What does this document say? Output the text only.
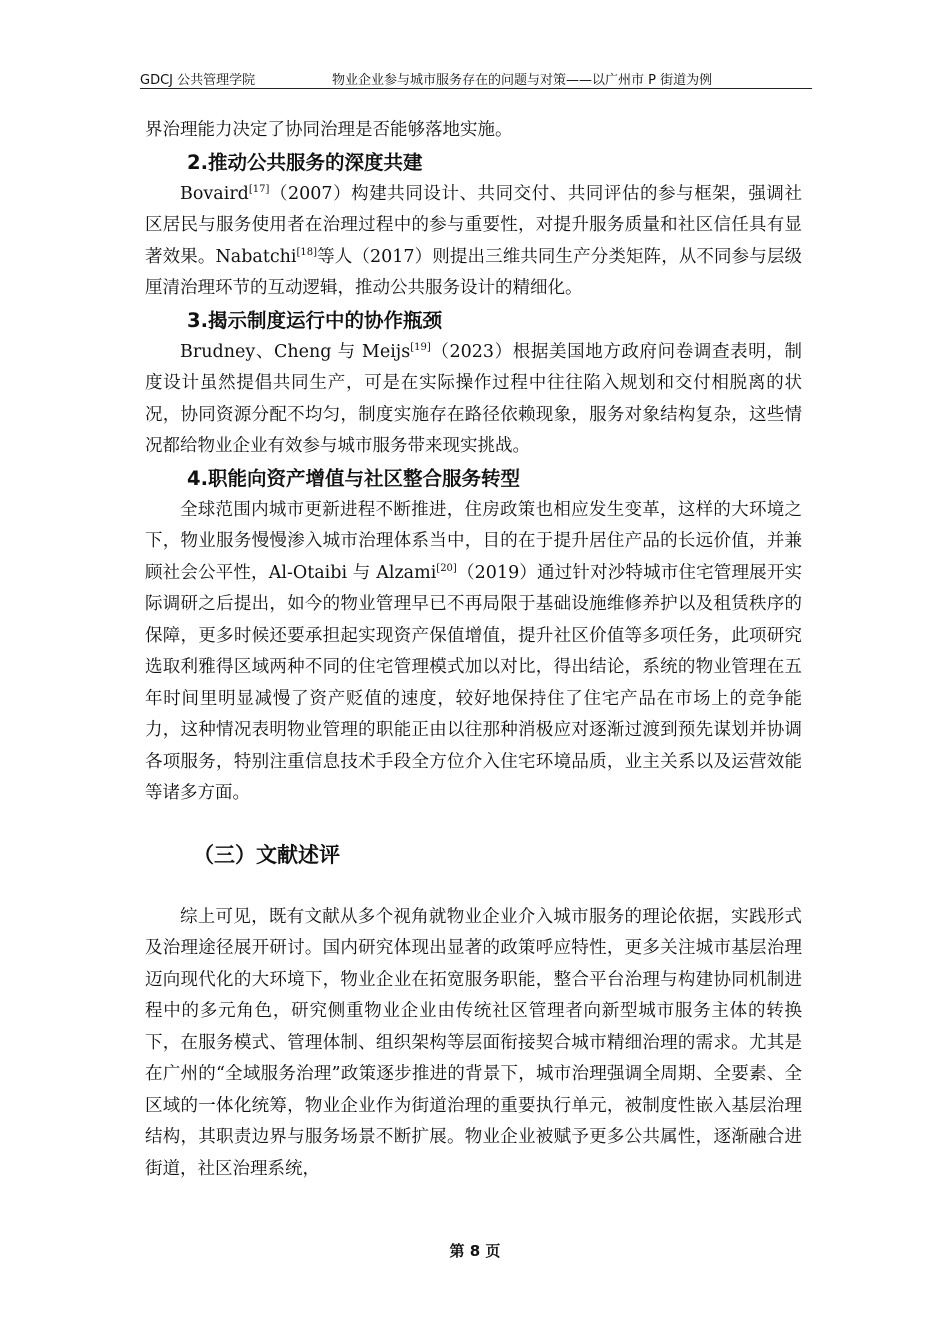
GDCJ 公共管理学院	物业企业参与城市服务存在的问题与对策——以广州市 P 街道为例

界治理能力决定了协同治理是否能够落地实施。

2.推动公共服务的深度共建

Bovaird[17]（2007）构建共同设计、共同交付、共同评估的参与框架，强调社区居民与服务使用者在治理过程中的参与重要性，对提升服务质量和社区信任具有显著效果。Nabatchi[18]等人（2017）则提出三维共同生产分类矩阵，从不同参与层级厘清治理环节的互动逻辑，推动公共服务设计的精细化。

3.揭示制度运行中的协作瓶颈

Brudney、Cheng 与 Meijs[19]（2023）根据美国地方政府问卷调查表明，制度设计虽然提倡共同生产，可是在实际操作过程中往往陷入规划和交付相脱离的状况，协同资源分配不均匀，制度实施存在路径依赖现象，服务对象结构复杂，这些情况都给物业企业有效参与城市服务带来现实挑战。

4.职能向资产增值与社区整合服务转型

全球范围内城市更新进程不断推进，住房政策也相应发生变革，这样的大环境之下，物业服务慢慢渗入城市治理体系当中，目的在于提升居住产品的长远价值，并兼顾社会公平性，Al-Otaibi 与 Alzami[20]（2019）通过针对沙特城市住宅管理展开实际调研之后提出，如今的物业管理早已不再局限于基础设施维修养护以及租赁秩序的保障，更多时候还要承担起实现资产保值增值，提升社区价值等多项任务，此项研究选取利雅得区域两种不同的住宅管理模式加以对比，得出结论，系统的物业管理在五年时间里明显减慢了资产贬值的速度，较好地保持住了住宅产品在市场上的竞争能力，这种情况表明物业管理的职能正由以往那种消极应对逐渐过渡到预先谋划并协调各项服务，特别注重信息技术手段全方位介入住宅环境品质，业主关系以及运营效能等诸多方面。

（三）文献述评

综上可见，既有文献从多个视角就物业企业介入城市服务的理论依据，实践形式及治理途径展开研讨。国内研究体现出显著的政策呼应特性，更多关注城市基层治理迈向现代化的大环境下，物业企业在拓宽服务职能，整合平台治理与构建协同机制进程中的多元角色，研究侧重物业企业由传统社区管理者向新型城市服务主体的转换下，在服务模式、管理体制、组织架构等层面衔接契合城市精细治理的需求。尤其是在广州的“全域服务治理”政策逐步推进的背景下，城市治理强调全周期、全要素、全区域的一体化统筹，物业企业作为街道治理的重要执行单元，被制度性嵌入基层治理结构，其职责边界与服务场景不断扩展。物业企业被赋予更多公共属性，逐渐融合进街道，社区治理系统，

第 8 页
